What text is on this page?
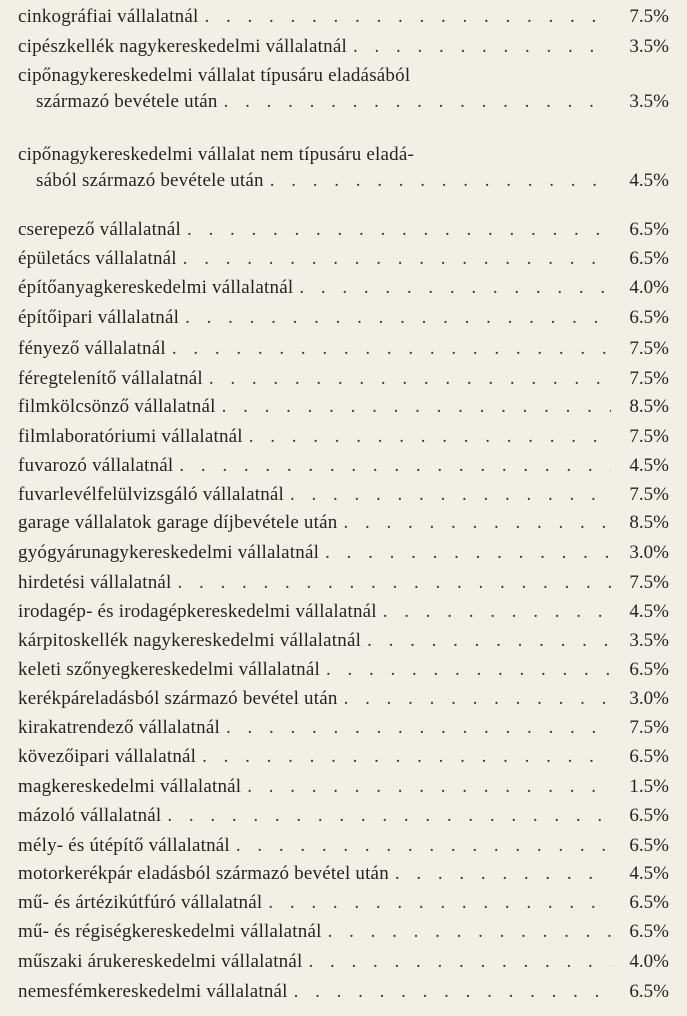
cinkográfiai vállalatnál . . .	7.5%
cipészkellék nagykereskedelmi vállalatnál . . .	3.5%
cipőnagykereskedelmi vállalat típusáru eladásából
származó bevétele után . . .	3.5%
cipőnagykereskedelmi vállalat nem típusáru eladá-
sából származó bevétele után . . .	4.5%
cserepező vállalatnál . . .	6.5%
épületács vállalatnál . . .	6.5%
építőanyagkereskedelmi vállalatnál . . .	4.0%
építőipari vállalatnál . . .	6.5%
fényező vállalatnál . . .	7.5%
féregtelenítő vállalatnál . . .	7.5%
filmkölcsönző vállalatnál . . .	8.5%
filmlaboratóriumi vállalatnál . . .	7.5%
fuvarozó vállalatnál . . .	4.5%
fuvarlevélfelülvizsgáló vállalatnál . . .	7.5%
garage vállalatok garage díjbevétele után . . .	8.5%
gyógyárunagykereskedelmi vállalatnál . . .	3.0%
hirdetési vállalatnál . . .	7.5%
irodagép- és irodagépkereskedelmi vállalatnál . . .	4.5%
kárpitoskellék nagykereskedelmi vállalatnál . . .	3.5%
keleti szőnyegkereskedelmi vállalatnál . . .	6.5%
kerékpáreladásból származó bevétel után . . .	3.0%
kirakatrendező vállalatnál . . .	7.5%
kövezőipari vállalatnál . . .	6.5%
magkereskedelmi vállalatnál . . .	1.5%
mázoló vállalatnál . . .	6.5%
mély- és útépítő vállalatnál . . .	6.5%
motorkerékpár eladásból származó bevétel után . . .	4.5%
mű- és ártézikútfúró vállalatnál . . .	6.5%
mű- és régiségkereskedelmi vállalatnál . . .	6.5%
műszaki árukereskedelmi vállalatnál . . .	4.0%
nemesfémkereskedelmi vállalatnál . . .	6.5%
